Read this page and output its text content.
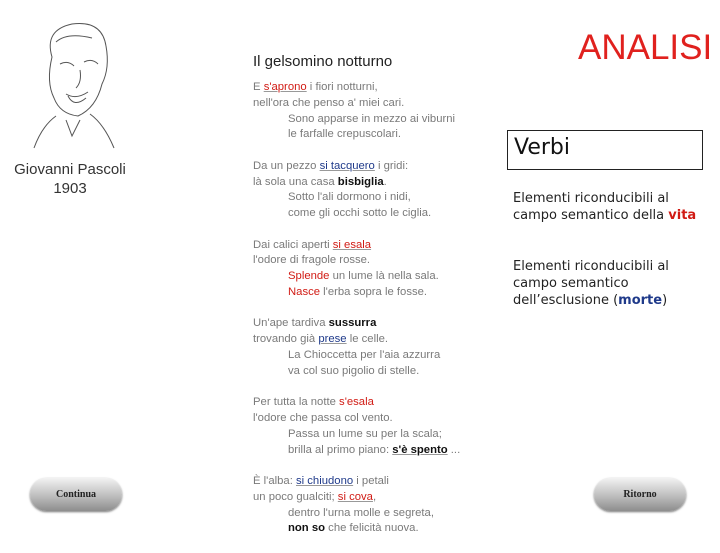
Giovanni Pascoli
1903
Il gelsomino notturno	ANALISI
E s'aprono i fiori notturni,
nell'ora che penso a' miei cari.
Sono apparse in mezzo ai viburni
le farfalle crepuscolari.
Da un pezzo si tacquero i gridi:
là sola una casa bisbiglia.
Sotto l'ali dormono i nidi,
come gli occhi sotto le ciglia.
Dai calici aperti si esala
l'odore di fragole rosse.
Splende un lume là nella sala.
Nasce l'erba sopra le fosse.
Un'ape tardiva sussurra
trovando già prese le celle.
La Chioccetta per l'aia azzurra
va col suo pigolio di stelle.
Per tutta la notte s'esala
l'odore che passa col vento.
Passa un lume su per la scala;
brilla al primo piano: s'è spento ...
È l'alba: si chiudono i petali
un poco gualciti; si cova,
dentro l'urna molle e segreta,
non so che felicità nuova.
Verbi
Elementi riconducibili al campo semantico della vita
Elementi riconducibili al campo semantico dell’esclusione (morte)
Continua	Ritorno
